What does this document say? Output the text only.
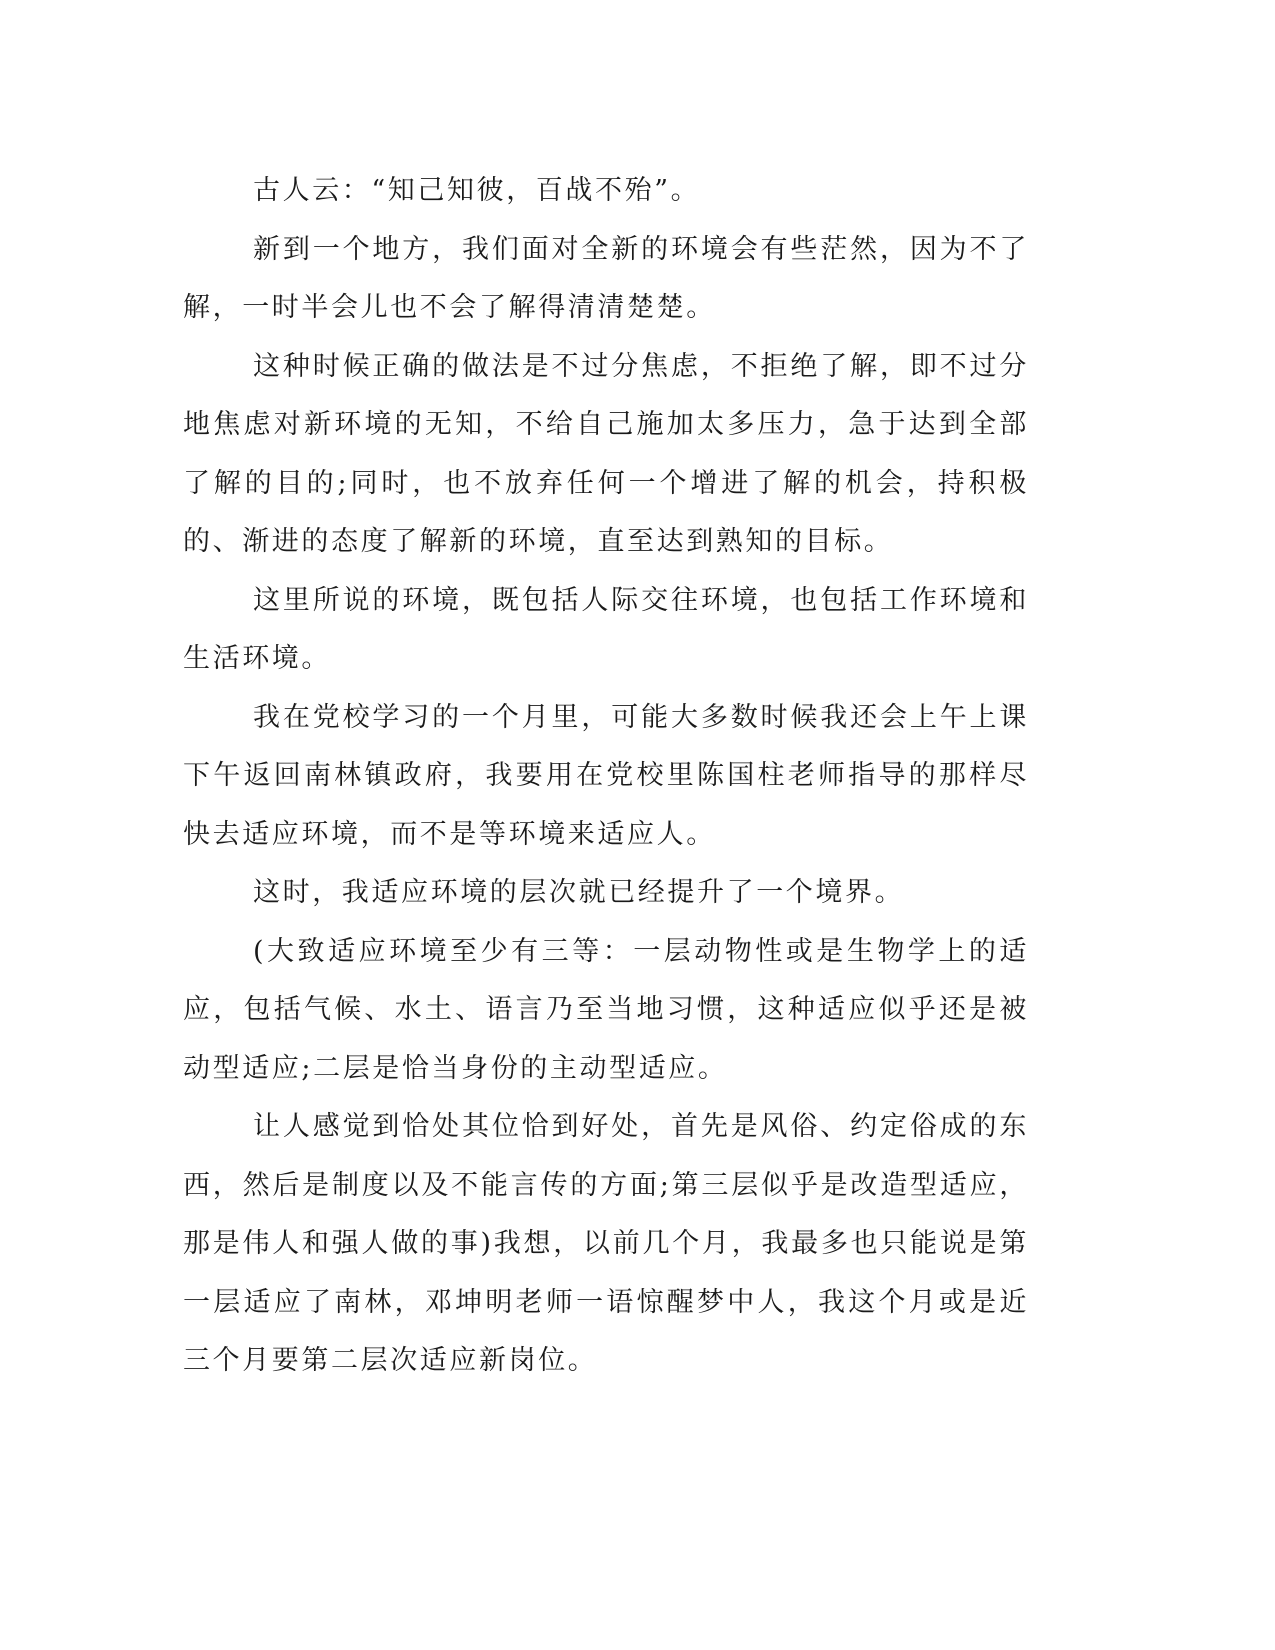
古人云：“知己知彼，百战不殆”。

新到一个地方，我们面对全新的环境会有些茫然，因为不了解，一时半会儿也不会了解得清清楚楚。

这种时候正确的做法是不过分焦虑，不拒绝了解，即不过分地焦虑对新环境的无知，不给自己施加太多压力，急于达到全部了解的目的;同时，也不放弃任何一个增进了解的机会，持积极的、渐进的态度了解新的环境，直至达到熟知的目标。

这里所说的环境，既包括人际交往环境，也包括工作环境和生活环境。

我在党校学习的一个月里，可能大多数时候我还会上午上课下午返回南林镇政府，我要用在党校里陈国柱老师指导的那样尽快去适应环境，而不是等环境来适应人。

这时，我适应环境的层次就已经提升了一个境界。

(大致适应环境至少有三等：一层动物性或是生物学上的适应，包括气候、水土、语言乃至当地习惯，这种适应似乎还是被动型适应;二层是恰当身份的主动型适应。

让人感觉到恰处其位恰到好处，首先是风俗、约定俗成的东西，然后是制度以及不能言传的方面;第三层似乎是改造型适应，那是伟人和强人做的事)我想，以前几个月，我最多也只能说是第一层适应了南林，邓坤明老师一语惊醒梦中人，我这个月或是近三个月要第二层次适应新岗位。
